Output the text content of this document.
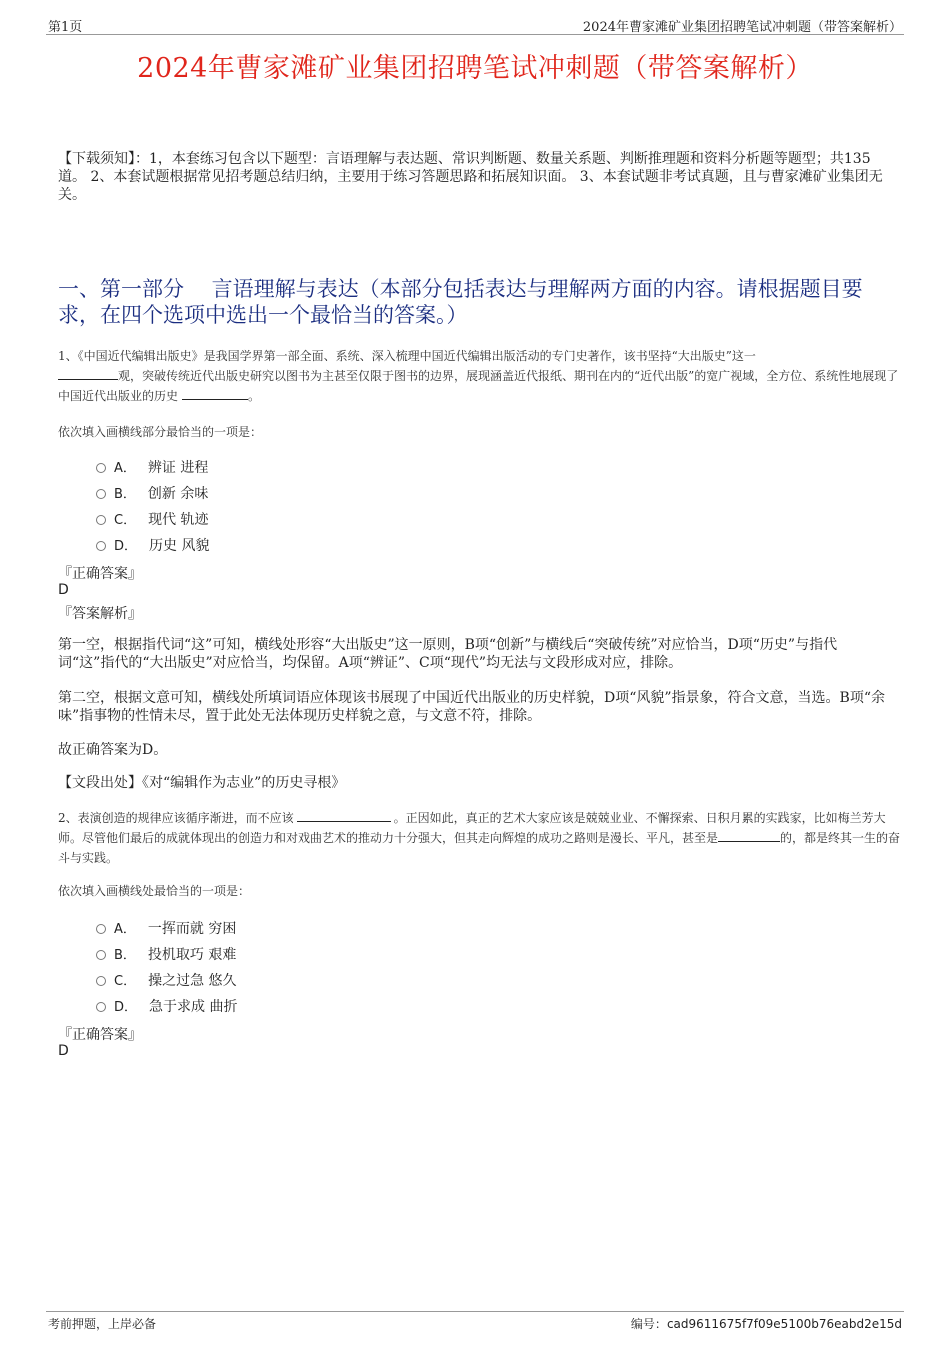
第1页	2024年曹家滩矿业集团招聘笔试冲刺题（带答案解析）
2024年曹家滩矿业集团招聘笔试冲刺题（带答案解析）
【下载须知】：1，本套练习包含以下题型：言语理解与表达题、常识判断题、数量关系题、判断推理题和资料分析题等题型；共135道。 2、本套试题根据常见招考题总结归纳，主要用于练习答题思路和拓展知识面。 3、本套试题非考试真题，且与曹家滩矿业集团无关。
一、第一部分　 言语理解与表达（本部分包括表达与理解两方面的内容。请根据题目要求，在四个选项中选出一个最恰当的答案。）
1、《中国近代编辑出版史》是我国学界第一部全面、系统、深入梳理中国近代编辑出版活动的专门史著作，该书坚持“大出版史”这一
观，突破传统近代出版史研究以图书为主甚至仅限于图书的边界，展现涵盖近代报纸、期刊在内的“近代出版”的宽广视域，全方位、系统性地展现了中国近代出版业的历史	。
依次填入画横线部分最恰当的一项是：
A． 辨证 进程
B． 创新 余味
C． 现代 轨迹
D． 历史 风貌
『正确答案』
D
『答案解析』
第一空，根据指代词“这”可知，横线处形容“大出版史”这一原则，B项“创新”与横线后“突破传统”对应恰当，D项“历史”与指代词“这”指代的“大出版史”对应恰当，均保留。A项“辨证”、C项“现代”均无法与文段形成对应，排除。
第二空，根据文意可知，横线处所填词语应体现该书展现了中国近代出版业的历史样貌，D项“风貌”指景象，符合文意，当选。B项“余味”指事物的性情未尽，置于此处无法体现历史样貌之意，与文意不符，排除。
故正确答案为D。
【文段出处】《对“编辑作为志业”的历史寻根》
2、表演创造的规律应该循序渐进，而不应该	。正因如此，真正的艺术大家应该是兢兢业业、不懈探索、日积月累的实践家，比如梅兰芳大师。尽管他们最后的成就体现出的创造力和对戏曲艺术的推动力十分强大，但其走向辉煌的成功之路则是漫长、平凡，甚至是	的，都是终其一生的奋斗与实践。
依次填入画横线处最恰当的一项是：
A． 一挥而就 穷困
B． 投机取巧 艰难
C． 操之过急 悠久
D． 急于求成 曲折
『正确答案』
D
考前押题，上岸必备	编号：cad9611675f7f09e5100b76eabd2e15d
